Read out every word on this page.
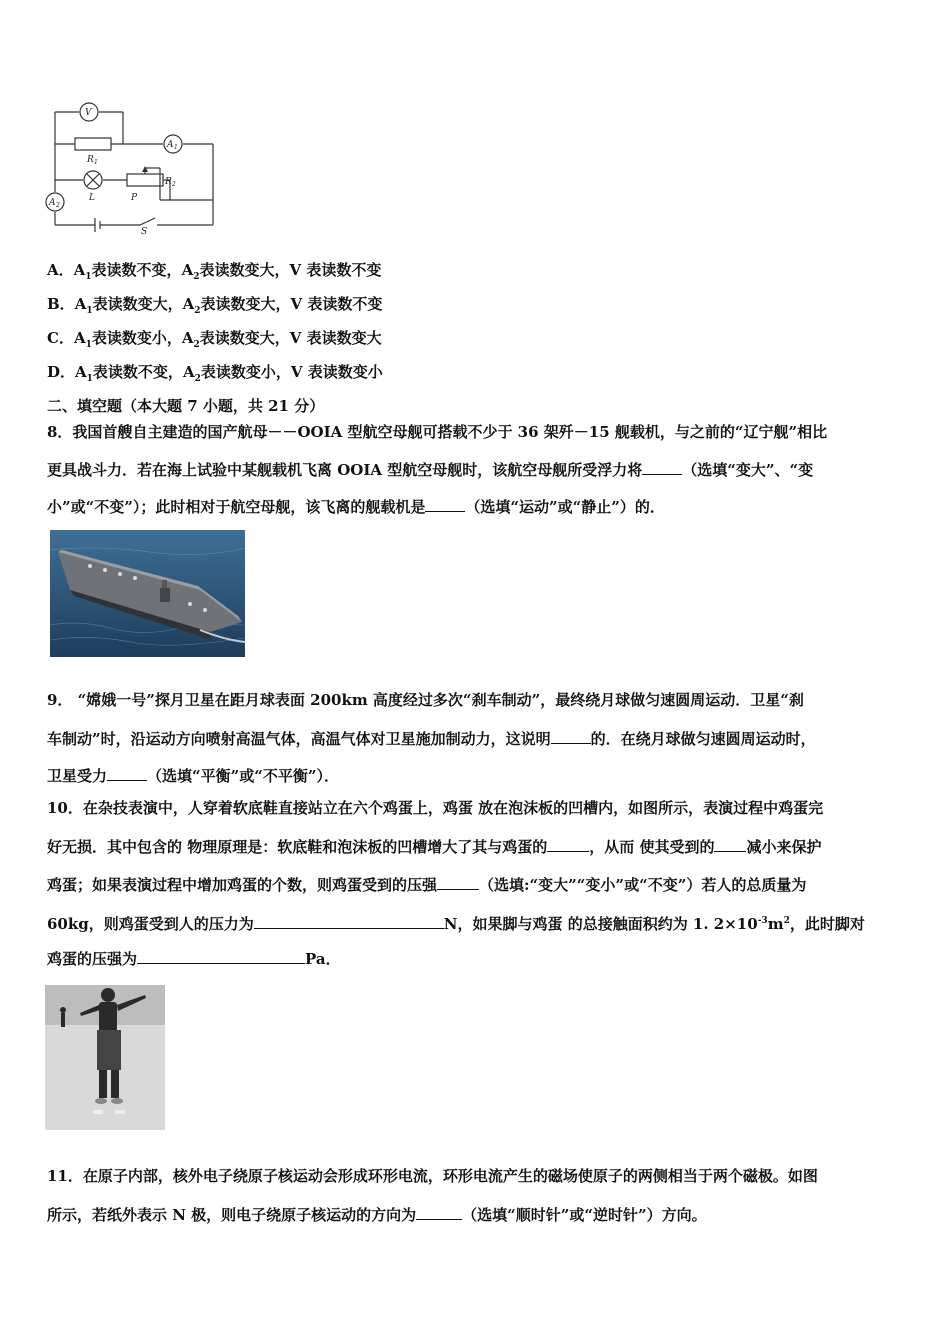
V
A 1
A 2
R 1
R 2
L	P
S
A．$A_1$表读数不变，$A_2$表读数变大，V 表读数不变
B．$A_1$表读数变大，$A_2$表读数变大，V 表读数不变
C．$A_1$表读数变小，$A_2$表读数变大，V 表读数变大
D．$A_1$表读数不变，$A_2$表读数变小，V 表读数变小
二、填空题（本大题 7 小题，共 21 分）
8．我国首艘自主建造的国产航母－－OOIA 型航空母舰可搭载不少于 36 架歼－15 舰载机，与之前的“辽宁舰”相比
更具战斗力．若在海上试验中某舰载机飞离 OOIA 型航空母舰时，该航空母舰所受浮力将	（选填“变大”、“变
小”或“不变”）；此时相对于航空母舰，该飞离的舰载机是	（选填“运动”或“静止”）的．
9． “嫦娥一号”探月卫星在距月球表面 200km 高度经过多次“刹车制动”，最终绕月球做匀速圆周运动．卫星“刹
车制动”时，沿运动方向喷射高温气体，高温气体对卫星施加制动力，这说明	的．在绕月球做匀速圆周运动时，
卫星受力	（选填“平衡”或“不平衡”）．
10．在杂技表演中，人穿着软底鞋直接站立在六个鸡蛋上，鸡蛋 放在泡沫板的凹槽内，如图所示，表演过程中鸡蛋完
好无损．其中包含的 物理原理是：软底鞋和泡沫板的凹槽增大了其与鸡蛋的	，从而 使其受到的 减小来保护
鸡蛋；如果表演过程中增加鸡蛋的个数，则鸡蛋受到的压强	（选填:“变大”“变小”或“不变”）若人的总质量为
60kg，则鸡蛋受到人的压力为	N，如果脚与鸡蛋 的总接触面积约为 1. $2\times 10^{-3}m^2$，此时脚对
鸡蛋的压强为	Pa．
11．在原子内部，核外电子绕原子核运动会形成环形电流，环形电流产生的磁场使原子的两侧相当于两个磁极。如图
所示，若纸外表示 N 极，则电子绕原子核运动的方向为	（选填“顺时针”或“逆时针”）方向。
